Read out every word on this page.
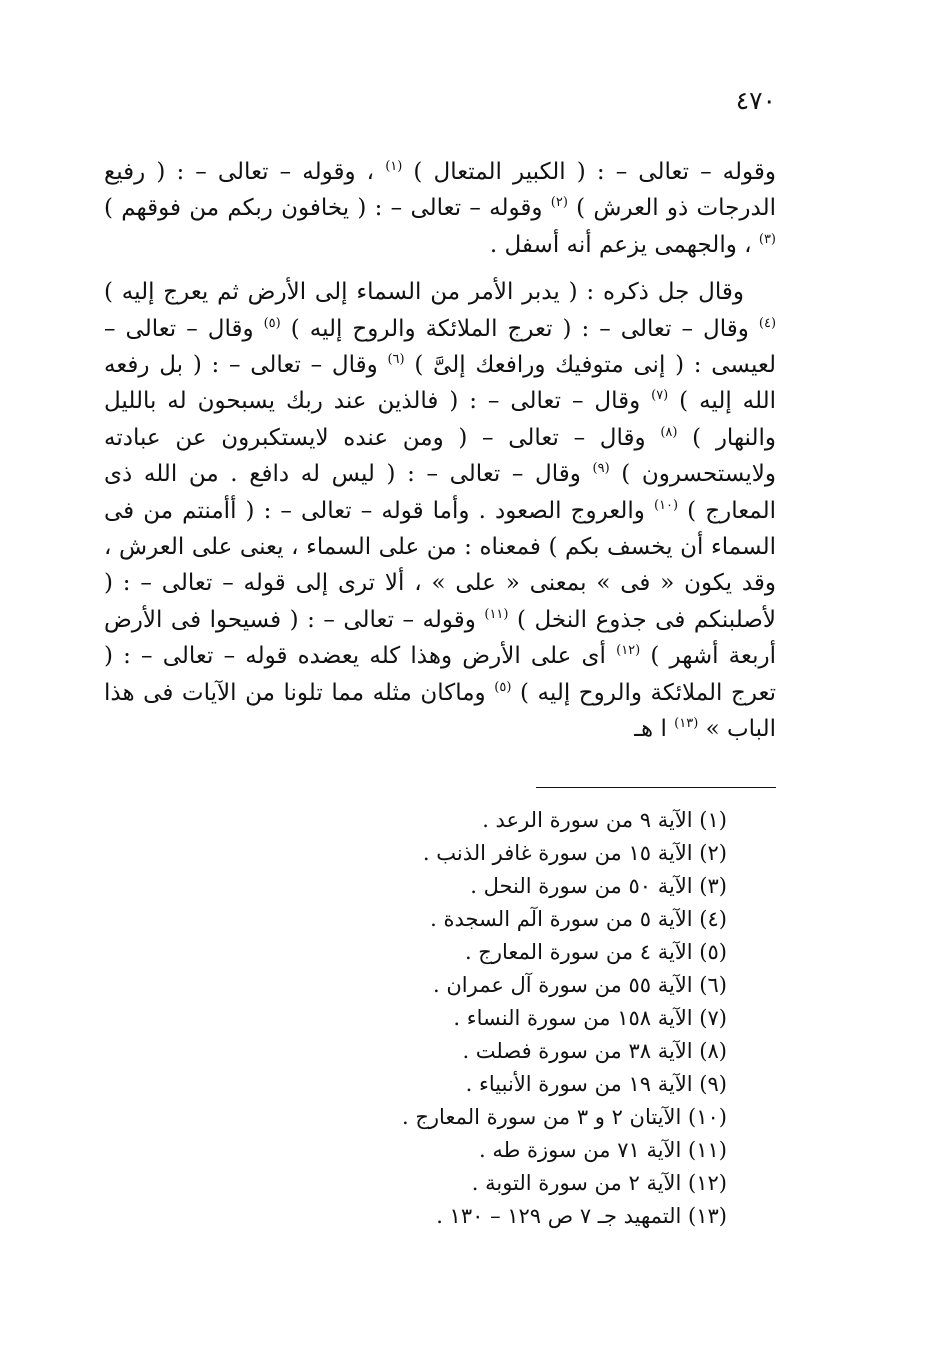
٤٧٠

وقوله – تعالى – : ( الكبير المتعال ) $^{(١)}$ ، وقوله – تعالى – : ( رفيع الدرجات ذو العرش ) $^{(٢)}$ وقوله – تعالى – : ( يخافون ربكم من فوقهم ) $^{(٣)}$ ، والجهمى يزعم أنه أسفل .

وقال جل ذكره : ( يدبر الأمر من السماء إلى الأرض ثم يعرج إليه ) $^{(٤)}$ وقال – تعالى – : ( تعرج الملائكة والروح إليه ) $^{(٥)}$ وقال – تعالى – لعيسى : ( إنى متوفيك ورافعك إلىَّ ) $^{(٦)}$ وقال – تعالى – : ( بل رفعه الله إليه ) $^{(٧)}$ وقال – تعالى – : ( فالذين عند ربك يسبحون له بالليل والنهار ) $^{(٨)}$ وقال – تعالى – ( ومن عنده لايستكبرون عن عبادته ولايستحسرون ) $^{(٩)}$ وقال – تعالى – : ( ليس له دافع . من الله ذى المعارج ) $^{(١٠)}$ والعروج الصعود . وأما قوله – تعالى – : ( أأمنتم من فى السماء أن يخسف بكم ) فمعناه : من على السماء ، يعنى على العرش ، وقد يكون « فى » بمعنى « على » ، ألا ترى إلى قوله – تعالى – : ( لأصلبنكم فى جذوع النخل ) $^{(١١)}$ وقوله – تعالى – : ( فسيحوا فى الأرض أربعة أشهر ) $^{(١٢)}$ أى على الأرض وهذا كله يعضده قوله – تعالى – : ( تعرج الملائكة والروح إليه ) $^{(٥)}$ وماكان مثله مما تلونا من الآيات فى هذا الباب » $^{(١٣)}$ ا هـ

(١) الآية ٩ من سورة الرعد .
(٢) الآية ١٥ من سورة غافر الذنب .
(٣) الآية ٥٠ من سورة النحل .
(٤) الآية ٥ من سورة الٓم السجدة .
(٥) الآية ٤ من سورة المعارج .
(٦) الآية ٥٥ من سورة آل عمران .
(٧) الآية ١٥٨ من سورة النساء .
(٨) الآية ٣٨ من سورة فصلت .
(٩) الآية ١٩ من سورة الأنبياء .
(١٠) الآيتان ٢ و ٣ من سورة المعارج .
(١١) الآية ٧١ من سوزة طه .
(١٢) الآية ٢ من سورة التوبة .
(١٣) التمهيد جـ ٧ ص ١٢٩ – ١٣٠ .
